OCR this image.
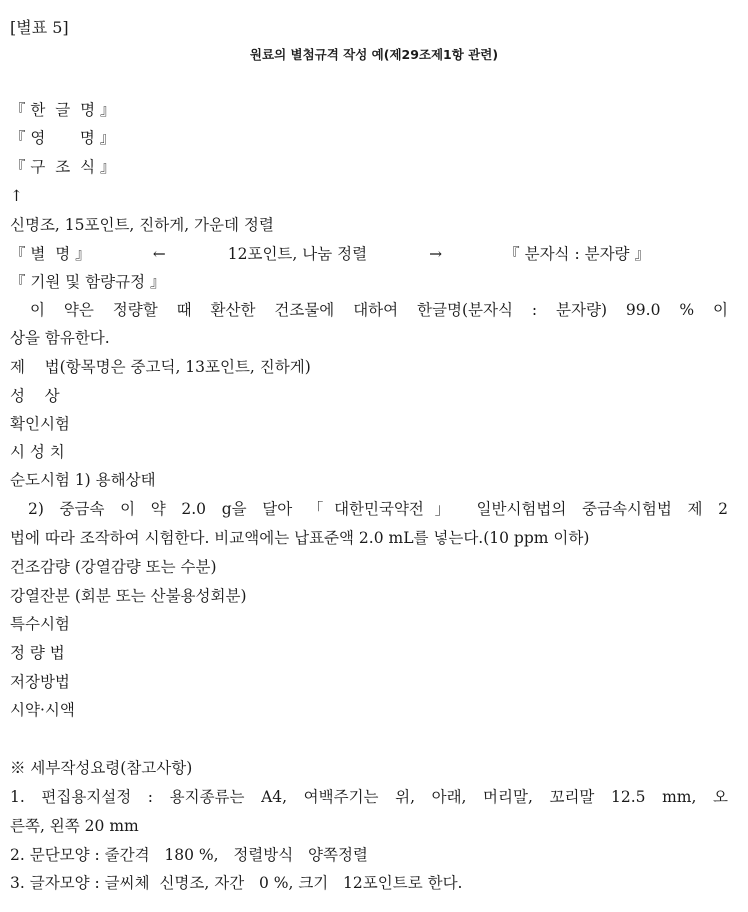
[별표 5]
원료의 별첨규격 작성 예(제29조제1항 관련)
『 한  글  명 』
『 영       명 』
『 구  조  식 』
↑
신명조, 15포인트, 진하게, 가운데 정렬
『 별  명 』	←	12포인트, 나눔 정렬	→	『 분자식 : 분자량 』
『 기원 및 함량규정 』
이 약은 정량할 때 환산한 건조물에 대하여 한글명(분자식 : 분자량) 99.0 % 이
상을 함유한다.
제    법(항목명은 중고딕, 13포인트, 진하게)
성    상
확인시험
시 성 치
순도시험 1) 용해상태
2) 중금속 이 약 2.0 g을 달아 「대한민국약전」 일반시험법의 중금속시험법 제 2
법에 따라 조작하여 시험한다. 비교액에는 납표준액 2.0 mL를 넣는다.(10 ppm 이하)
건조감량 (강열감량 또는 수분)
강열잔분 (회분 또는 산불용성회분)
특수시험
정 량 법
저장방법
시약·시액
※ 세부작성요령(참고사항)
1. 편집용지설정 : 용지종류는 A4, 여백주기는 위, 아래, 머리말, 꼬리말 12.5 mm, 오
른쪽, 왼쪽 20 mm
2. 문단모양 : 줄간격   180 %,   정렬방식   양쪽정렬
3. 글자모양 : 글씨체  신명조, 자간   0 %, 크기   12포인트로 한다.
